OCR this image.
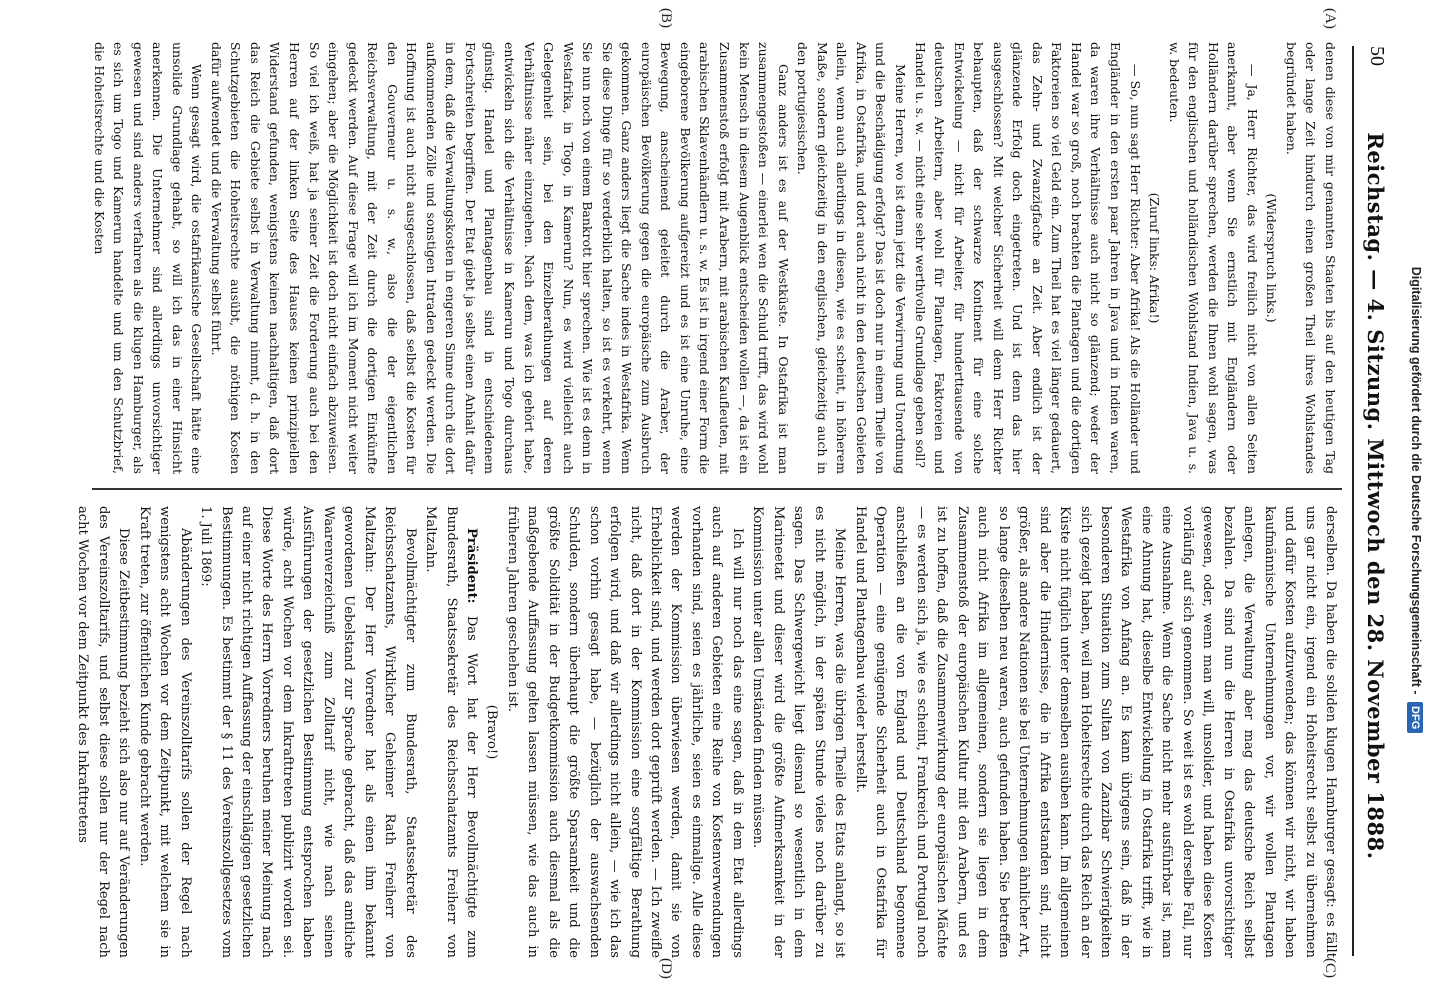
50
Reichstag. — 4. Sitzung. Mittwoch den 28. November 1888.

denen diese von mir genannten Staaten bis auf den heutigen Tag oder lange Zeit hindurch einen großen Theil ihres Wohlstandes begründet haben.

(Widerspruch links.)

— Ja, Herr Richter, das wird freilich nicht von allen Seiten anerkannt, aber wenn Sie ernstlich mit Engländern oder Holländern darüber sprechen, werden die Ihnen wohl sagen, was für den englischen und holländischen Wohlstand Indien, Java u. s. w. bedeuten.

(Zuruf links: Afrika!)

— So, nun sagt Herr Richter: Aber Afrika! Als die Holländer und Engländer in den ersten paar Jahren in Java und in Indien waren, da waren ihre Verhältnisse auch nicht so glänzend; weder der Handel war so groß, noch brachten die Plantagen und die dortigen Faktoreien so viel Geld ein. Zum Theil hat es viel länger gedauert, das Zehn- und Zwanzigfache an Zeit. Aber endlich ist der glänzende Erfolg doch eingetreten. Und ist denn das hier ausgeschlossen? Mit welcher Sicherheit will denn Herr Richter behaupten, daß der schwarze Kontinent für eine solche Entwickelung — nicht für Arbeiter, für hunderttausende von deutschen Arbeitern, aber wohl für Plantagen, Faktoreien und Handel u. s. w. — nicht eine sehr werthvolle Grundlage geben soll?

Meine Herren, wo ist denn jetzt die Verwirrung und Unordnung und die Beschädigung erfolgt? Das ist doch nur in einem Theile von Afrika, in Ostafrika, und dort auch nicht in den deutschen Gebieten allein, wenn auch allerdings in diesen, wie es scheint, in höherem Maße, sondern gleichzeitig in den englischen, gleichzeitig auch in den portugiesischen.

Ganz anders ist es auf der Westküste. In Ostafrika ist man zusammengestoßen — einerlei wen die Schuld trifft, das wird wohl kein Mensch in diesem Augenblick entscheiden wollen —, da ist ein Zusammenstoß erfolgt mit Arabern, mit arabischen Kaufleuten, mit arabischen Sklavenhändlern u. s. w. Es ist in irgend einer Form die eingeborene Bevölkerung aufgereizt und es ist eine Unruhe, eine Bewegung, anscheinend geleitet durch die Araber, der europäischen Bevölkerung gegen die europäische zum Ausbruch gekommen. Ganz anders liegt die Sache indes in Westafrika. Wenn Sie diese Dinge für so verderblich halten, so ist es verkehrt, wenn Sie nun noch von einem Bankrott hier sprechen. Wie ist es denn in Westafrika, in Togo, in Kamerun? Nun, es wird vielleicht auch Gelegenheit sein, bei den Einzelberathungen auf deren Verhältnisse näher einzugehen. Nach dem, was ich gehört habe, entwickeln sich die Verhältnisse in Kamerun und Togo durchaus günstig. Handel und Plantagenbau sind in entschiedenem Fortschreiten begriffen. Der Etat giebt ja selbst einen Anhalt dafür in dem, daß die Verwaltungskosten in engeren Sinne durch die dort aufkommenden Zölle und sonstigen Intraden gedeckt werden. Die Hoffnung ist auch nicht ausgeschlossen, daß selbst die Kosten für den Gouverneur u. s. w., also die der eigentlichen Reichsverwaltung, mit der Zeit durch die dortigen Einkünfte gedeckt werden. Auf diese Frage will ich im Moment nicht weiter eingehen; aber die Möglichkeit ist doch nicht einfach abzuweisen. So viel ich weiß, hat ja seiner Zeit die Forderung auch bei den Herren auf der linken Seite des Hauses keinen prinzipiellen Widerstand gefunden, wenigstens keinen nachhaltigen, daß dort das Reich die Gebiete selbst in Verwaltung nimmt, d. h. in den Schutzgebieten die Hoheitsrechte ausübt, die nöthigen Kosten dafür aufwendet und die Verwaltung selbst führt.

Wenn gesagt wird, die ostafrikanische Gesellschaft hätte eine unsolide Grundlage gehabt, so will ich das in einer Hinsicht anerkennen. Die Unternehmer sind allerdings unvorsichtiger gewesen und sind anders verfahren als die klugen Hamburger, als es sich um Togo und Kamerun handelte und um den Schutzbrief, die Hoheitsrechte und die Kosten

derselben. Da haben die soliden klugen Hamburger gesagt: es fällt uns gar nicht ein, irgend ein Hoheitsrecht selbst zu übernehmen und dafür Kosten aufzuwenden; das können wir nicht, wir haben kaufmännische Unternehmungen vor, wir wollen Plantagen anlegen, die Verwaltung aber mag das deutsche Reich selbst bezahlen. Da sind nun die Herren in Ostafrika unvorsichtiger gewesen, oder, wenn man will, unsolider, und haben diese Kosten vorläufig auf sich genommen. So weit ist es wohl derselbe Fall, nur eine Ausnahme. Wenn die Sache nicht mehr ausführbar ist, man eine Ahnung hat, dieselbe Entwickelung in Ostafrika trifft, wie in Westafrika von Anfang an. Es kann übrigens sein, daß in der besonderen Situation zum Sultan von Zanzibar Schwierigkeiten sich gezeigt haben, weil man Hoheitsrechte durch das Reich an der Küste nicht füglich unter demselben ausüben kann. Im allgemeinen sind aber die Hindernisse, die in Afrika entstanden sind, nicht größer, als andere Nationen sie bei Unternehmungen ähnlicher Art, so lange dieselben neu waren, auch gefunden haben. Sie betreffen auch nicht Afrika im allgemeinen, sondern sie liegen in dem Zusammenstoß der europäischen Kultur mit den Arabern, und es ist zu hoffen, daß die Zusammenwirkung der europäischen Mächte — es werden sich ja, wie es scheint, Frankreich und Portugal noch anschließen an die von England und Deutschland begonnene Operation — eine genügende Sicherheit auch in Ostafrika für Handel und Plantagenbau wieder herstellt.

Meine Herren, was die übrigen Theile des Etats anlangt, so ist es nicht möglich, in der späten Stunde vieles noch darüber zu sagen. Das Schwergewicht liegt diesmal so wesentlich in dem Marineetat und dieser wird die größte Aufmerksamkeit in der Kommission unter allen Umständen finden müssen.

Ich will nur noch das eine sagen, daß in dem Etat allerdings auch auf anderen Gebieten eine Reihe von Kostenverwendungen vorhanden sind, seien es jährliche, seien es einmalige. Alle diese werden der Kommission überwiesen werden, damit sie von Erheblichkeit sind, und werden dort geprüft werden. — Ich zweifle nicht, daß dort in der Kommission eine sorgfältige Berathung erfolgen wird, und daß wir allerdings nicht allein, — wie ich das schon vorhin gesagt habe, — bezüglich der auswachsenden Schulden, sondern überhaupt die größte Sparsamkeit und die größte Solidität in der Budgetkommission auch diesmal als die maßgebende Auffassung gelten lassen müssen, wie das auch in früheren Jahren geschehen ist.

(Bravo!)

Präsident: Das Wort hat der Herr Bevollmächtigte zum Bundesrath, Staatssekretär des Reichsschatzamts Freiherr von Maltzahn.

Bevollmächtigter zum Bundesrath, Staatssekretär des Reichsschatzamts, Wirklicher Geheimer Rath Freiherr von Maltzahn: Der Herr Vorredner hat als einen ihm bekannt gewordenen Uebelstand zur Sprache gebracht, daß das amtliche Waarenverzeichniß zum Zolltarif nicht, wie nach seinen Ausführungen der gesetzlichen Bestimmung entsprochen haben würde, acht Wochen vor dem Inkrafttreten publizirt worden sei. Diese Worte des Herrn Vorredners beruhen meiner Meinung nach auf einer nicht richtigen Auffassung der einschlägigen gesetzlichen Bestimmungen. Es bestimmt der § 11 des Vereinszollgesetzes vom 1. Juli 1869:

Abänderungen des Vereinszolltarifs sollen der Regel nach wenigstens acht Wochen vor dem Zeitpunkt, mit welchem sie in Kraft treten, zur öffentlichen Kunde gebracht werden.

Diese Zeitbestimmung bezieht sich also nur auf Veränderungen des Vereinszolltarifs, und selbst diese sollen nur der Regel nach acht Wochen vor dem Zeitpunkt des Inkrafttretens

(A)
(B)
(C)
(D)
Digitalisierung gefördert durch die Deutsche Forschungsgemeinschaft - DFG
